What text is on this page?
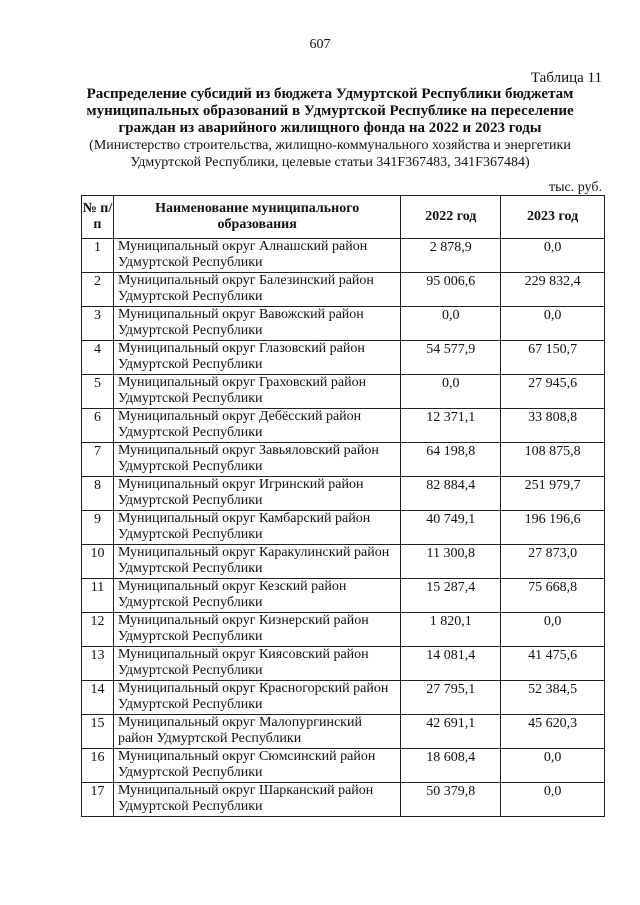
607
Таблица 11
Распределение субсидий из бюджета Удмуртской Республики бюджетам муниципальных образований в Удмуртской Республике на переселение граждан из аварийного жилищного фонда на 2022 и 2023 годы
(Министерство строительства, жилищно-коммунального хозяйства и энергетики Удмуртской Республики, целевые статьи 341F367483, 341F367484)
тыс. руб.
№ п/п	Наименование муниципального образования	2022 год	2023 год
1	Муниципальный округ Алнашский район Удмуртской Республики	2 878,9	0,0
2	Муниципальный округ Балезинский район Удмуртской Республики	95 006,6	229 832,4
3	Муниципальный округ Вавожский район Удмуртской Республики	0,0	0,0
4	Муниципальный округ Глазовский район Удмуртской Республики	54 577,9	67 150,7
5	Муниципальный округ Граховский район Удмуртской Республики	0,0	27 945,6
6	Муниципальный округ Дебёсский район Удмуртской Республики	12 371,1	33 808,8
7	Муниципальный округ Завьяловский район Удмуртской Республики	64 198,8	108 875,8
8	Муниципальный округ Игринский район Удмуртской Республики	82 884,4	251 979,7
9	Муниципальный округ Камбарский район Удмуртской Республики	40 749,1	196 196,6
10	Муниципальный округ Каракулинский район Удмуртской Республики	11 300,8	27 873,0
11	Муниципальный округ Кезский район Удмуртской Республики	15 287,4	75 668,8
12	Муниципальный округ Кизнерский район Удмуртской Республики	1 820,1	0,0
13	Муниципальный округ Киясовский район Удмуртской Республики	14 081,4	41 475,6
14	Муниципальный округ Красногорский район Удмуртской Республики	27 795,1	52 384,5
15	Муниципальный округ Малопургинский район Удмуртской Республики	42 691,1	45 620,3
16	Муниципальный округ Сюмсинский район Удмуртской Республики	18 608,4	0,0
17	Муниципальный округ Шарканский район Удмуртской Республики	50 379,8	0,0
